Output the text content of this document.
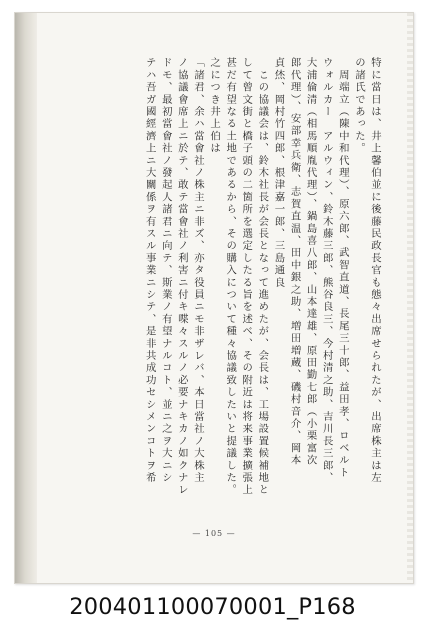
特に當日は、井上馨伯並に後藤民政長官も態々出席せられたが、出席株主は左

の諸氏であった。

　周端立（陳中和代理）、原六郎、武智直道、長尾三十郎、益田孝、ロベルト

ウォルカー　アルウィン、鈴木藤三郎、熊谷良三、今村清之助、吉川長三郎、

大浦倫清（相馬順胤代理）、鍋島喜八郎、山本達雄、原田勤七郎（小栗富次

郎代理）、安部幸兵衛、志賀直温、田中銀之助、増田増蔵、磯村音介、岡本

貞烋、岡村竹四郎、根津嘉一郎、三島通良

　この協議会は、鈴木社長が会長となって進めたが、会長は、工場設置候補地と

して曾文街と橋子頭の二箇所を選定したる旨を述べ、その附近は将来事業擴張上

甚だ有望なる土地であるから、その購入について種々協議致したいと提議した。

之につき井上伯は

「諸君、余ハ當會社ノ株主ニ非ズ、亦タ役員ニモ非ザレバ、本日當社ノ大株主

ノ協議會席上ニ於テ、敢テ當會社ノ利害ニ付キ喋々スルノ必要ナキカノ如クナレ

ドモ、最初當會社ノ發起人諸君ニ向テ、斯業ノ有望ナルコト、並ニ之ヲ大ニシ

テハ吾ガ國經濟上ニ大關係ヲ有スル事業ニシテ、是非共成功セシメンコトヲ希

— 105 —
200401100070001_P168
